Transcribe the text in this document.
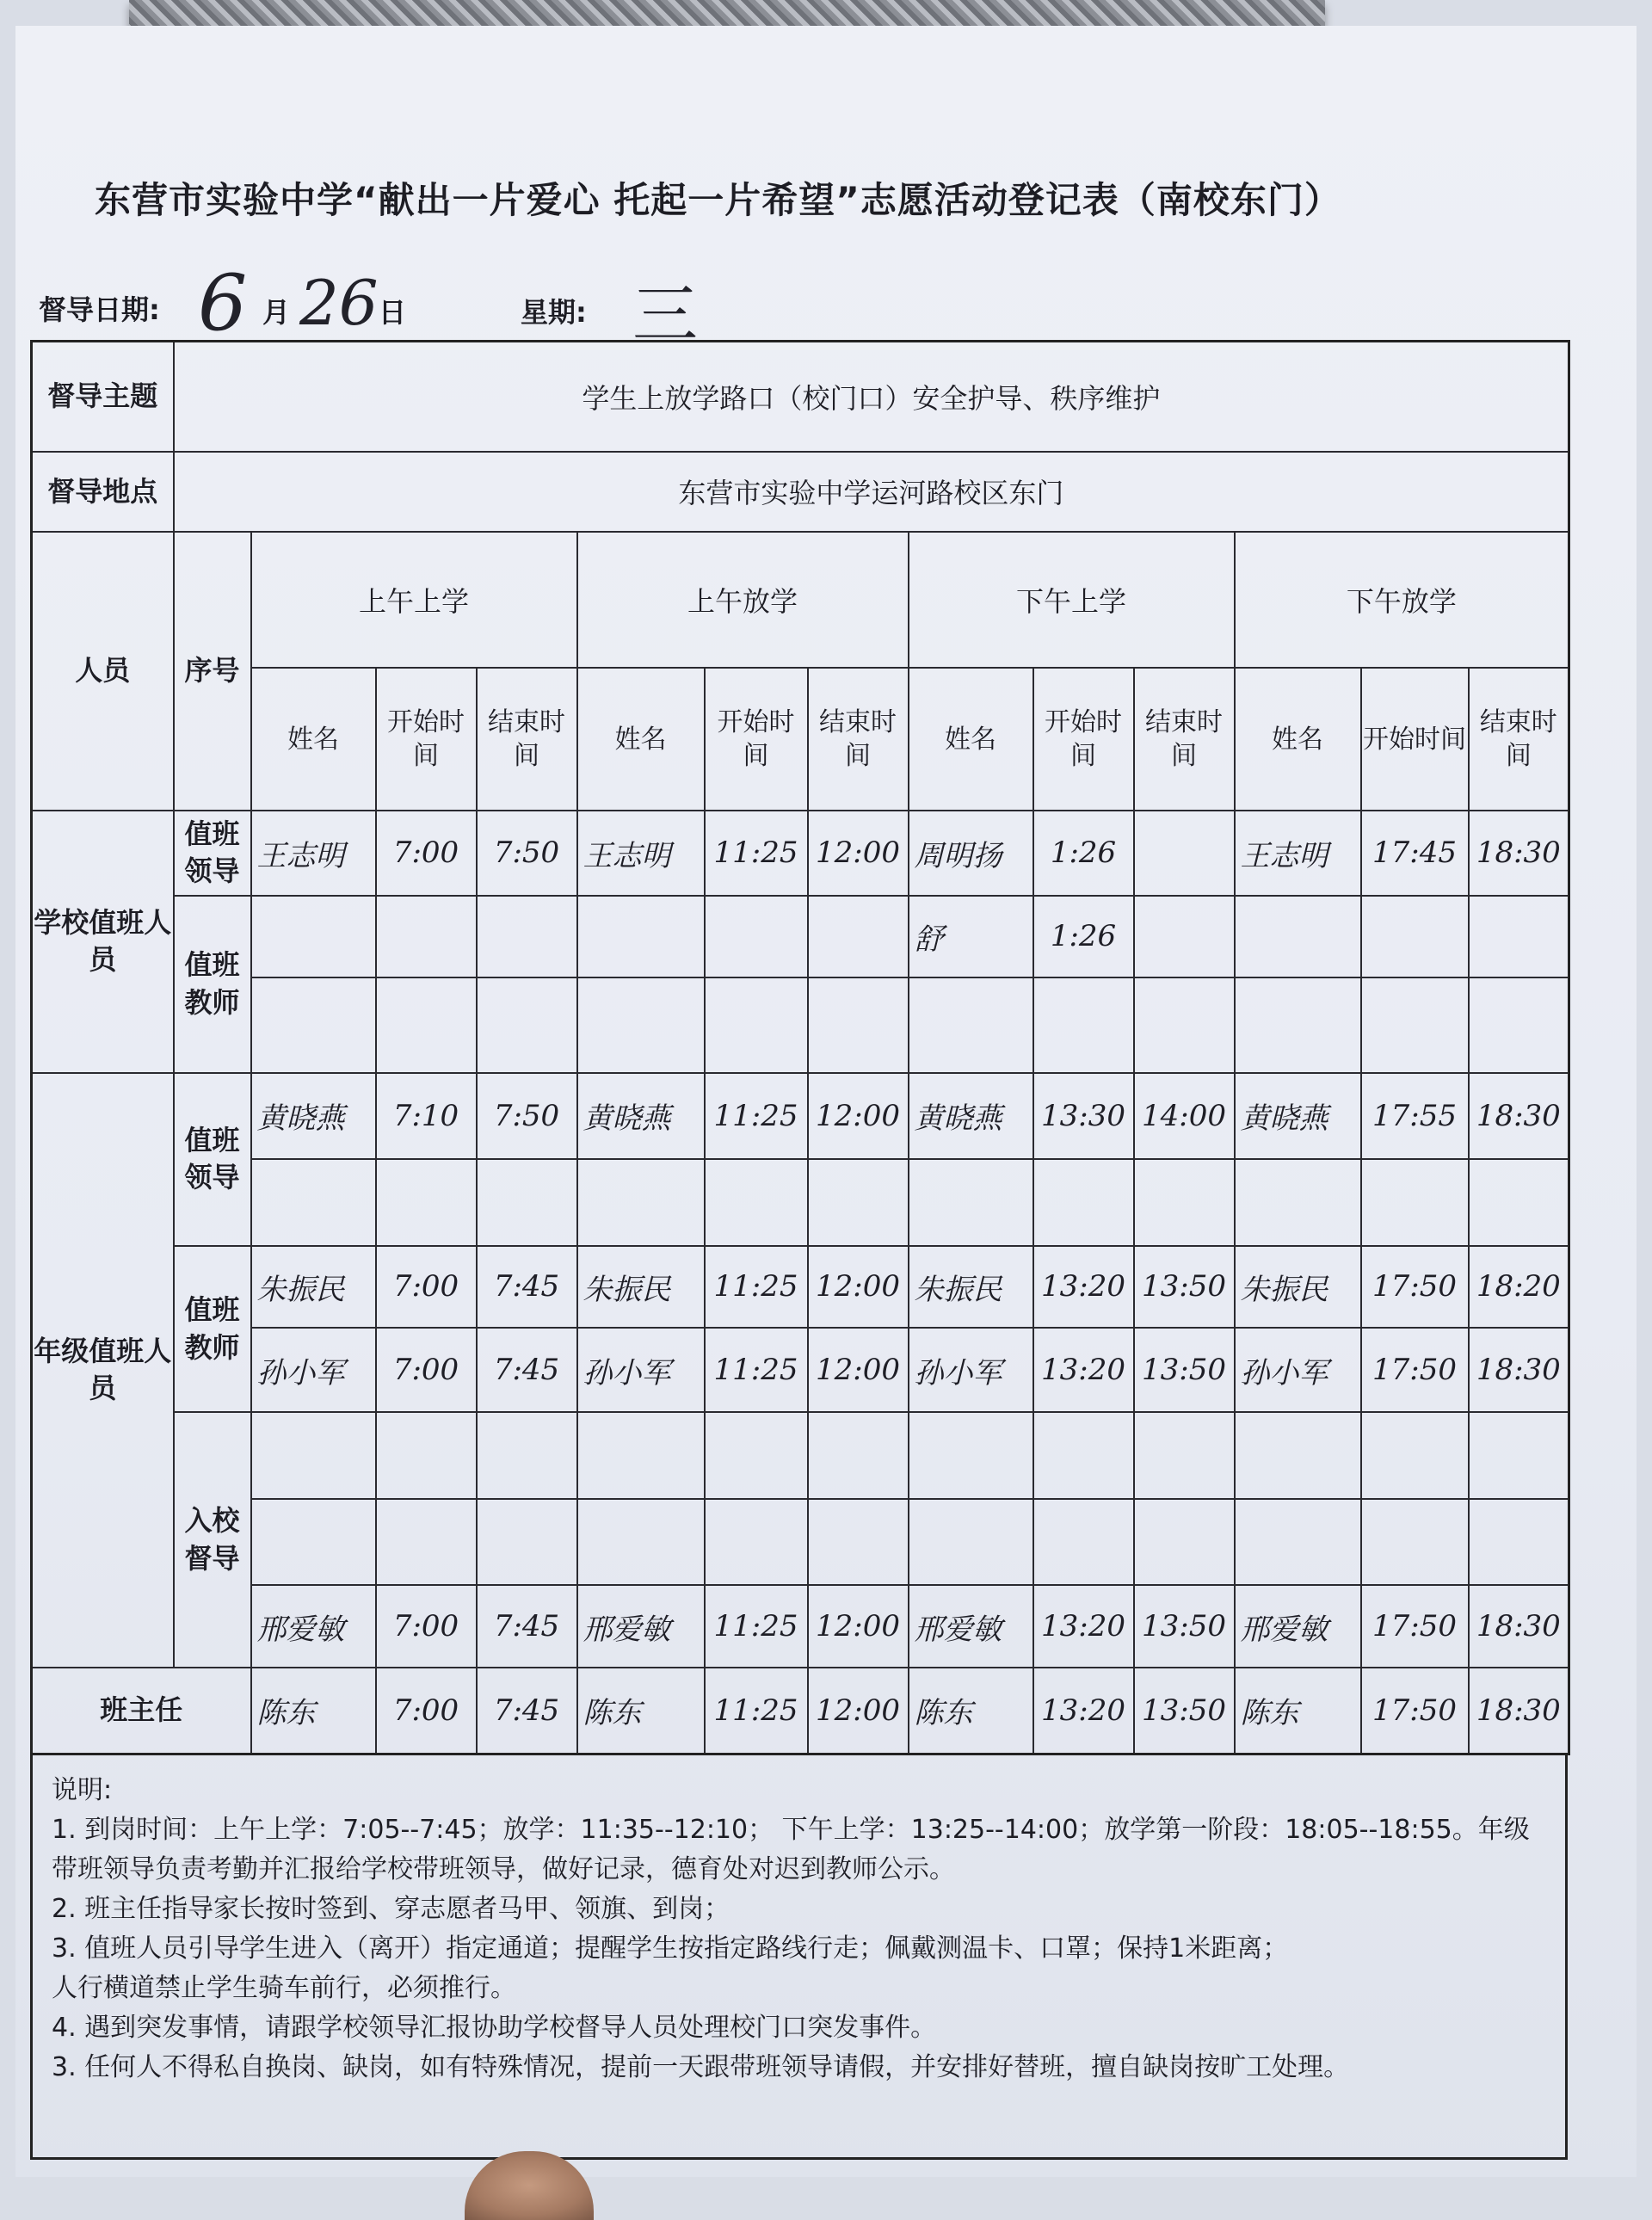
东营市实验中学“献出一片爱心 托起一片希望”志愿活动登记表（南校东门）
督导日期: 6 月 26 日	星期: 三
督导主题	学生上放学路口（校门口）安全护导、秩序维护												
督导地点	东营市实验中学运河路校区东门												
人员	序号	上午上学			上午放学			下午上学			下午放学		
		姓名	开始时间	结束时间	姓名	开始时间	结束时间	姓名	开始时间	结束时间	姓名	开始时间	结束时间
学校值班人员	值班领导	王志明	7:00	7:50	王志明	11:25	12:00	周明扬	1:26		王志明	17:45	18:30
	值班教师							舒	1:26				

年级值班人员	值班领导	黄晓燕	7:10	7:50	黄晓燕	11:25	12:00	黄晓燕	13:30	14:00	黄晓燕	17:55	18:30

	值班教师	朱振民	7:00	7:45	朱振民	11:25	12:00	朱振民	13:20	13:50	朱振民	17:50	18:20
		孙小军	7:00	7:45	孙小军	11:25	12:00	孙小军	13:20	13:50	孙小军	17:50	18:30
	入校督导												

		邢爱敏	7:00	7:45	邢爱敏	11:25	12:00	邢爱敏	13:20	13:50	邢爱敏	17:50	18:30
班主任		陈东	7:00	7:45	陈东	11:25	12:00	陈东	13:20	13:50	陈东	17:50	18:30
说明:
1. 到岗时间：上午上学：7:05--7:45；放学：11:35--12:10； 下午上学：13:25--14:00；放学第一阶段：18:05--18:55。年级带班领导负责考勤并汇报给学校带班领导，做好记录，德育处对迟到教师公示。
2. 班主任指导家长按时签到、穿志愿者马甲、领旗、到岗；
3. 值班人员引导学生进入（离开）指定通道；提醒学生按指定路线行走；佩戴测温卡、口罩；保持1米距离；
人行横道禁止学生骑车前行，必须推行。
4. 遇到突发事情，请跟学校领导汇报协助学校督导人员处理校门口突发事件。
3. 任何人不得私自换岗、缺岗，如有特殊情况，提前一天跟带班领导请假，并安排好替班，擅自缺岗按旷工处理。
